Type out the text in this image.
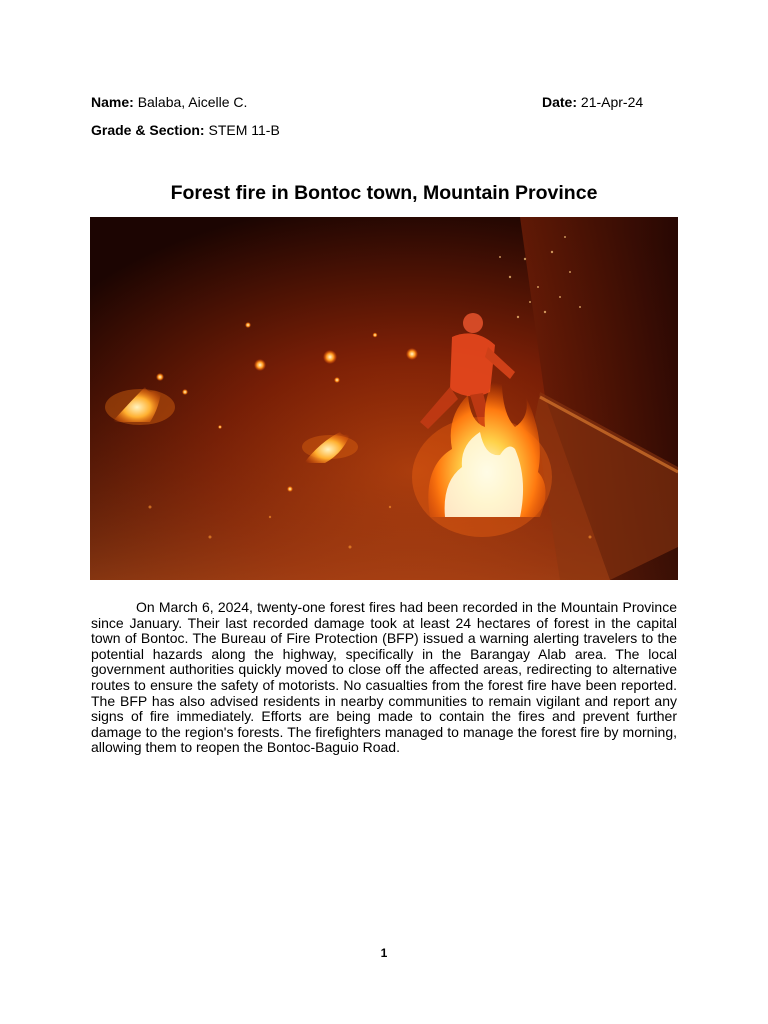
Name: Balaba, Aicelle C.	Date: 21-Apr-24
Grade & Section: STEM 11-B
Forest fire in Bontoc town, Mountain Province

On March 6, 2024, twenty-one forest fires had been recorded in the Mountain Province since January. Their last recorded damage took at least 24 hectares of forest in the capital town of Bontoc. The Bureau of Fire Protection (BFP) issued a warning alerting travelers to the potential hazards along the highway, specifically in the Barangay Alab area. The local government authorities quickly moved to close off the affected areas, redirecting to alternative routes to ensure the safety of motorists. No casualties from the forest fire have been reported. The BFP has also advised residents in nearby communities to remain vigilant and report any signs of fire immediately. Efforts are being made to contain the fires and prevent further damage to the region's forests. The firefighters managed to manage the forest fire by morning, allowing them to reopen the Bontoc-Baguio Road.

1
